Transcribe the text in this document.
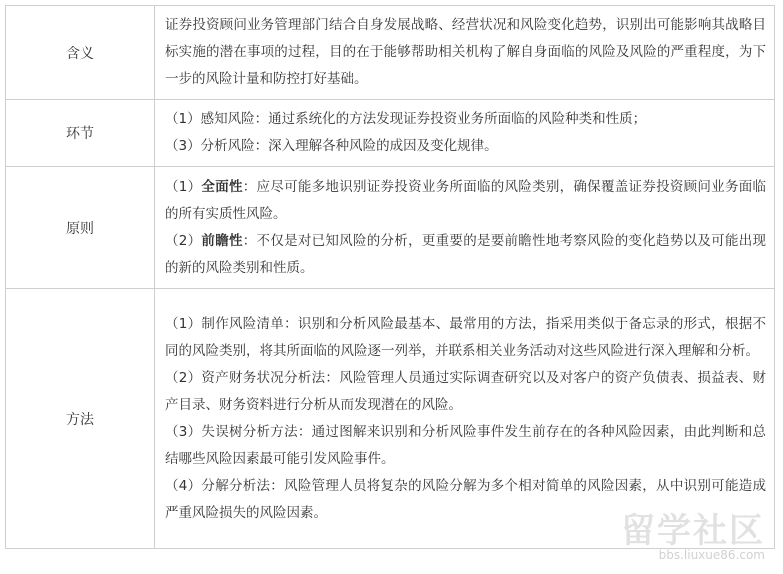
含义	证券投资顾问业务管理部门结合自身发展战略、经营状况和风险变化趋势，识别出可能影响其战略目标实施的潜在事项的过程，目的在于能够帮助相关机构了解自身面临的风险及风险的严重程度，为下一步的风险计量和防控打好基础。

环节	（1）感知风险：通过系统化的方法发现证券投资业务所面临的风险种类和性质；
（3）分析风险：深入理解各种风险的成因及变化规律。

原则	（1）全面性：应尽可能多地识别证券投资业务所面临的风险类别，确保覆盖证券投资顾问业务面临的所有实质性风险。
（2）前瞻性：不仅是对已知风险的分析，更重要的是要前瞻性地考察风险的变化趋势以及可能出现的新的风险类别和性质。

方法	（1）制作风险清单：识别和分析风险最基本、最常用的方法，指采用类似于备忘录的形式，根据不同的风险类别，将其所面临的风险逐一列举，并联系相关业务活动对这些风险进行深入理解和分析。
（2）资产财务状况分析法：风险管理人员通过实际调查研究以及对客户的资产负债表、损益表、财产目录、财务资料进行分析从而发现潜在的风险。
（3）失误树分析方法：通过图解来识别和分析风险事件发生前存在的各种风险因素，由此判断和总结哪些风险因素最可能引发风险事件。
（4）分解分析法：风险管理人员将复杂的风险分解为多个相对简单的风险因素，从中识别可能造成严重风险损失的风险因素。	留学社区
bbs.liuxue86.com
